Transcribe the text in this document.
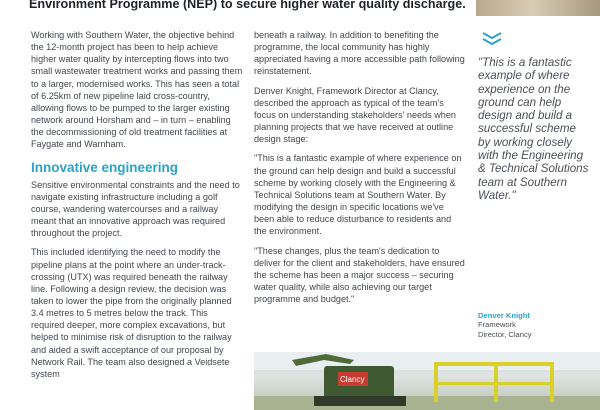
Environment Programme (NEP) to secure higher water quality discharge.

Working with Southern Water, the objective behind the 12-month project has been to help achieve higher water quality by intercepting flows into two small wastewater treatment works and passing them to a larger, modernised works. This has seen a total of 6.25km of new pipeline laid cross-country, allowing flows to be pumped to the larger existing network around Horsham and – in turn – enabling the decommissioning of old treatment facilities at Faygate and Warnham.

Innovative engineering

Sensitive environmental constraints and the need to navigate existing infrastructure including a golf course, wandering watercourses and a railway meant that an innovative approach was required throughout the project.

This included identifying the need to modify the pipeline plans at the point where an under-track-crossing (UTX) was required beneath the railway line. Following a design review, the decision was taken to lower the pipe from the originally planned 3.4 metres to 5 metres below the track. This required deeper, more complex excavations, but helped to minimise risk of disruption to the railway and aided a swift acceptance of our proposal by Network Rail. The team also designed a Veidsete system

beneath a railway. In addition to benefiting the programme, the local community has highly appreciated having a more accessible path following reinstatement.

Denver Knight, Framework Director at Clancy, described the approach as typical of the team's focus on understanding stakeholders' needs when planning projects that we have received at outline design stage:

"This is a fantastic example of where experience on the ground can help design and build a successful scheme by working closely with the Engineering & Technical Solutions team at Southern Water. By modifying the design in specific locations we've been able to reduce disturbance to residents and the environment.

"These changes, plus the team's dedication to deliver for the client and stakeholders, have ensured the scheme has been a major success – securing water quality, while also achieving our target programme and budget."

"This is a fantastic example of where experience on the ground can help design and build a successful scheme by working closely with the Engineering & Technical Solutions team at Southern Water."
Denver Knight
Framework
Director, Clancy
Clancy
